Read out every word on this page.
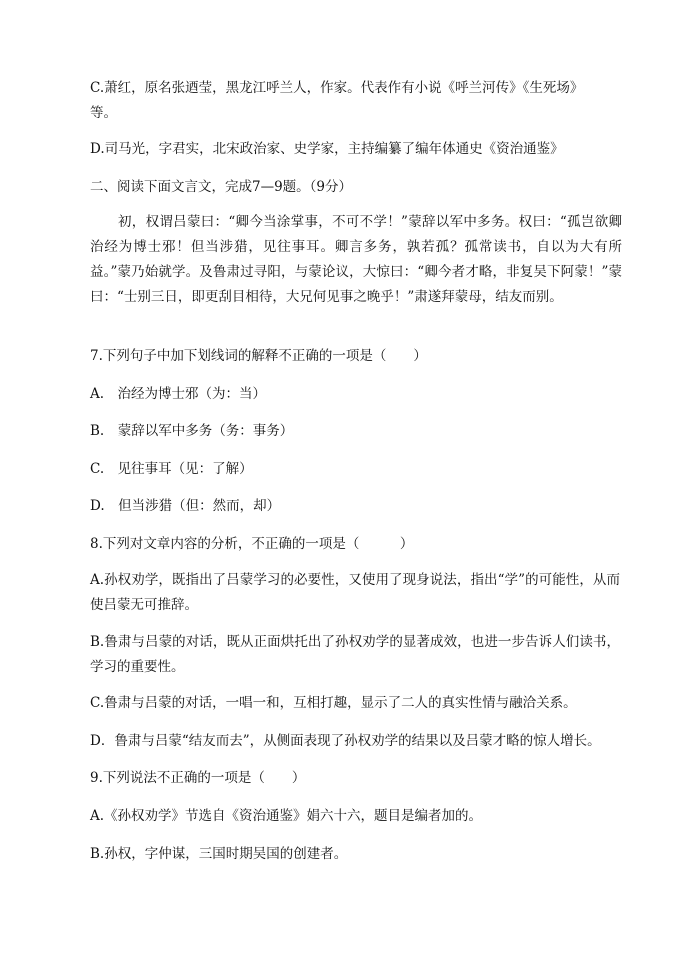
C.萧红，原名张迺莹，黑龙江呼兰人，作家。代表作有小说《呼兰河传》《生死场》
等。
D.司马光，字君实，北宋政治家、史学家，主持编纂了编年体通史《资治通鉴》
二、阅读下面文言文，完成7—9题。（9分）
初，权谓吕蒙曰：“卿今当涂掌事，不可不学！”蒙辞以军中多务。权曰：“孤岂欲卿治经为博士邪！但当涉猎，见往事耳。卿言多务，孰若孤？孤常读书，自以为大有所益。”蒙乃始就学。及鲁肃过寻阳，与蒙论议，大惊曰：“卿今者才略，非复吴下阿蒙！”蒙曰：“士别三日，即更刮目相待，大兄何见事之晚乎！”肃遂拜蒙母，结友而别。
7.下列句子中加下划线词的解释不正确的一项是（　　）
A.　治经为博士邪（为：当）
B.　蒙辞以军中多务（务：事务）
C.　见往事耳（见：了解）
D.　但当涉猎（但：然而，却）
8.下列对文章内容的分析，不正确的一项是（　　　）
A.孙权劝学，既指出了吕蒙学习的必要性，又使用了现身说法，指出“学”的可能性，从而使吕蒙无可推辞。
B.鲁肃与吕蒙的对话，既从正面烘托出了孙权劝学的显著成效，也进一步告诉人们读书，学习的重要性。
C.鲁肃与吕蒙的对话，一唱一和，互相打趣，显示了二人的真实性情与融洽关系。
D．鲁肃与吕蒙“结友而去”，从侧面表现了孙权劝学的结果以及吕蒙才略的惊人增长。
9.下列说法不正确的一项是（　　）
A.《孙权劝学》节选自《资治通鉴》娟六十六，题目是编者加的。
B.孙权，字仲谋，三国时期吴国的创建者。
